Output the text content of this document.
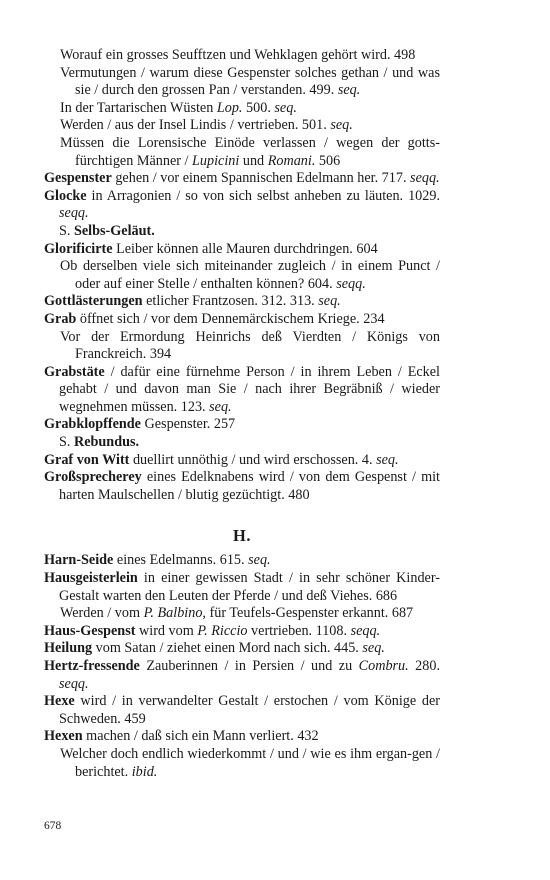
Worauf ein grosses Seufftzen und Wehklagen gehört wird. 498
Vermutungen / warum diese Gespenster solches gethan / und was sie / durch den grossen Pan / verstanden. 499. seq.
In der Tartarischen Wüsten Lop. 500. seq.
Werden / aus der Insel Lindis / vertrieben. 501. seq.
Müssen die Lorensische Einöde verlassen / wegen der gotts-fürchtigen Männer / Lupicini und Romani. 506
Gespenster gehen / vor einem Spannischen Edelmann her. 717. seqq.
Glocke in Arragonien / so von sich selbst anheben zu läuten. 1029. seqq.
S. Selbs-Geläut.
Glorificirte Leiber können alle Mauren durchdringen. 604
Ob derselben viele sich miteinander zugleich / in einem Punct / oder auf einer Stelle / enthalten können? 604. seqq.
Gottlästerungen etlicher Frantzosen. 312. 313. seq.
Grab öffnet sich / vor dem Dennemärckischem Kriege. 234
Vor der Ermordung Heinrichs deß Vierdten / Königs von Franckreich. 394
Grabstäte / dafür eine fürnehme Person / in ihrem Leben / Eckel gehabt / und davon man Sie / nach ihrer Begräbniß / wieder wegnehmen müssen. 123. seq.
Grabklopffende Gespenster. 257
S. Rebundus.
Graf von Witt duellirt unnöthig / und wird erschossen. 4. seq.
Großsprecherey eines Edelknabens wird / von dem Gespenst / mit harten Maulschellen / blutig gezüchtigt. 480
H.
Harn-Seide eines Edelmanns. 615. seq.
Hausgeisterlein in einer gewissen Stadt / in sehr schöner Kinder-Gestalt warten den Leuten der Pferde / und deß Viehes. 686
Werden / vom P. Balbino, für Teufels-Gespenster erkannt. 687
Haus-Gespenst wird vom P. Riccio vertrieben. 1108. seqq.
Heilung vom Satan / ziehet einen Mord nach sich. 445. seq.
Hertz-fressende Zauberinnen / in Persien / und zu Combru. 280. seqq.
Hexe wird / in verwandelter Gestalt / erstochen / vom Könige der Schweden. 459
Hexen machen / daß sich ein Mann verliert. 432
Welcher doch endlich wiederkommt / und / wie es ihm ergan-gen / berichtet. ibid.
678
